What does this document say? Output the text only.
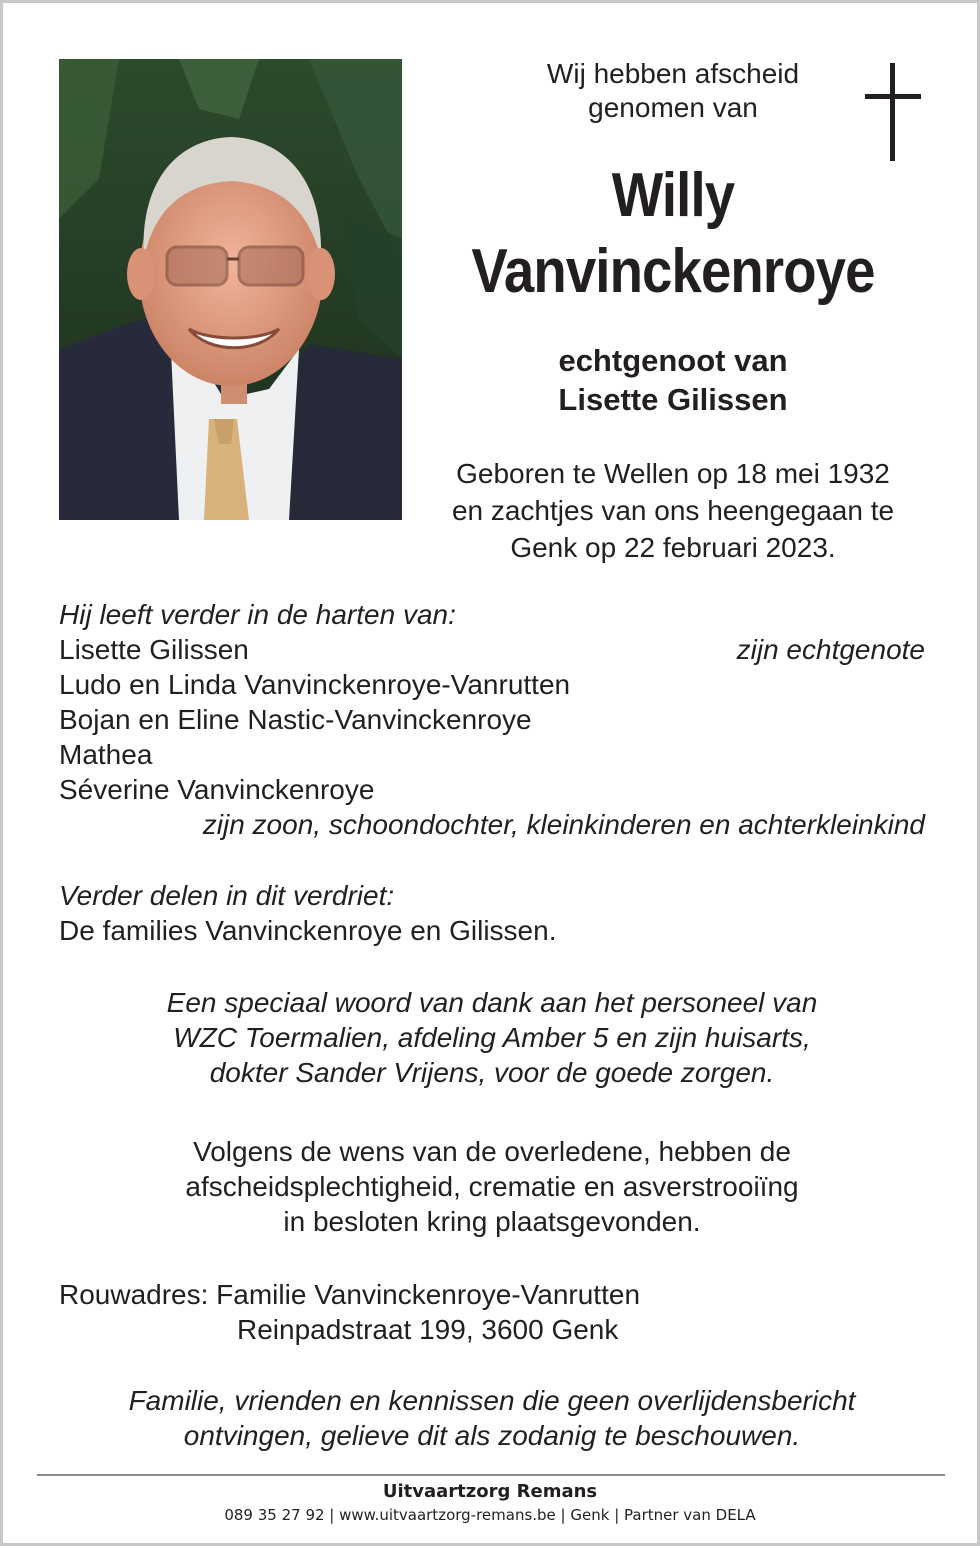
Wij hebben afscheid
genomen van
Willy
Vanvinckenroye
echtgenoot van
Lisette Gilissen
Geboren te Wellen op 18 mei 1932
en zachtjes van ons heengegaan te
Genk op 22 februari 2023.
Hij leeft verder in de harten van:
Lisette Gilissen	zijn echtgenote
Ludo en Linda Vanvinckenroye-Vanrutten
Bojan en Eline Nastic-Vanvinckenroye
Mathea
Séverine Vanvinckenroye
zijn zoon, schoondochter, kleinkinderen en achterkleinkind
Verder delen in dit verdriet:
De families Vanvinckenroye en Gilissen.
Een speciaal woord van dank aan het personeel van
WZC Toermalien, afdeling Amber 5 en zijn huisarts,
dokter Sander Vrijens, voor de goede zorgen.
Volgens de wens van de overledene, hebben de
afscheidsplechtigheid, crematie en asverstrooiïng
in besloten kring plaatsgevonden.
Rouwadres: Familie Vanvinckenroye-Vanrutten
Reinpadstraat 199, 3600 Genk
Familie, vrienden en kennissen die geen overlijdensbericht
ontvingen, gelieve dit als zodanig te beschouwen.
Uitvaartzorg Remans
089 35 27 92 | www.uitvaartzorg-remans.be | Genk | Partner van DELA
